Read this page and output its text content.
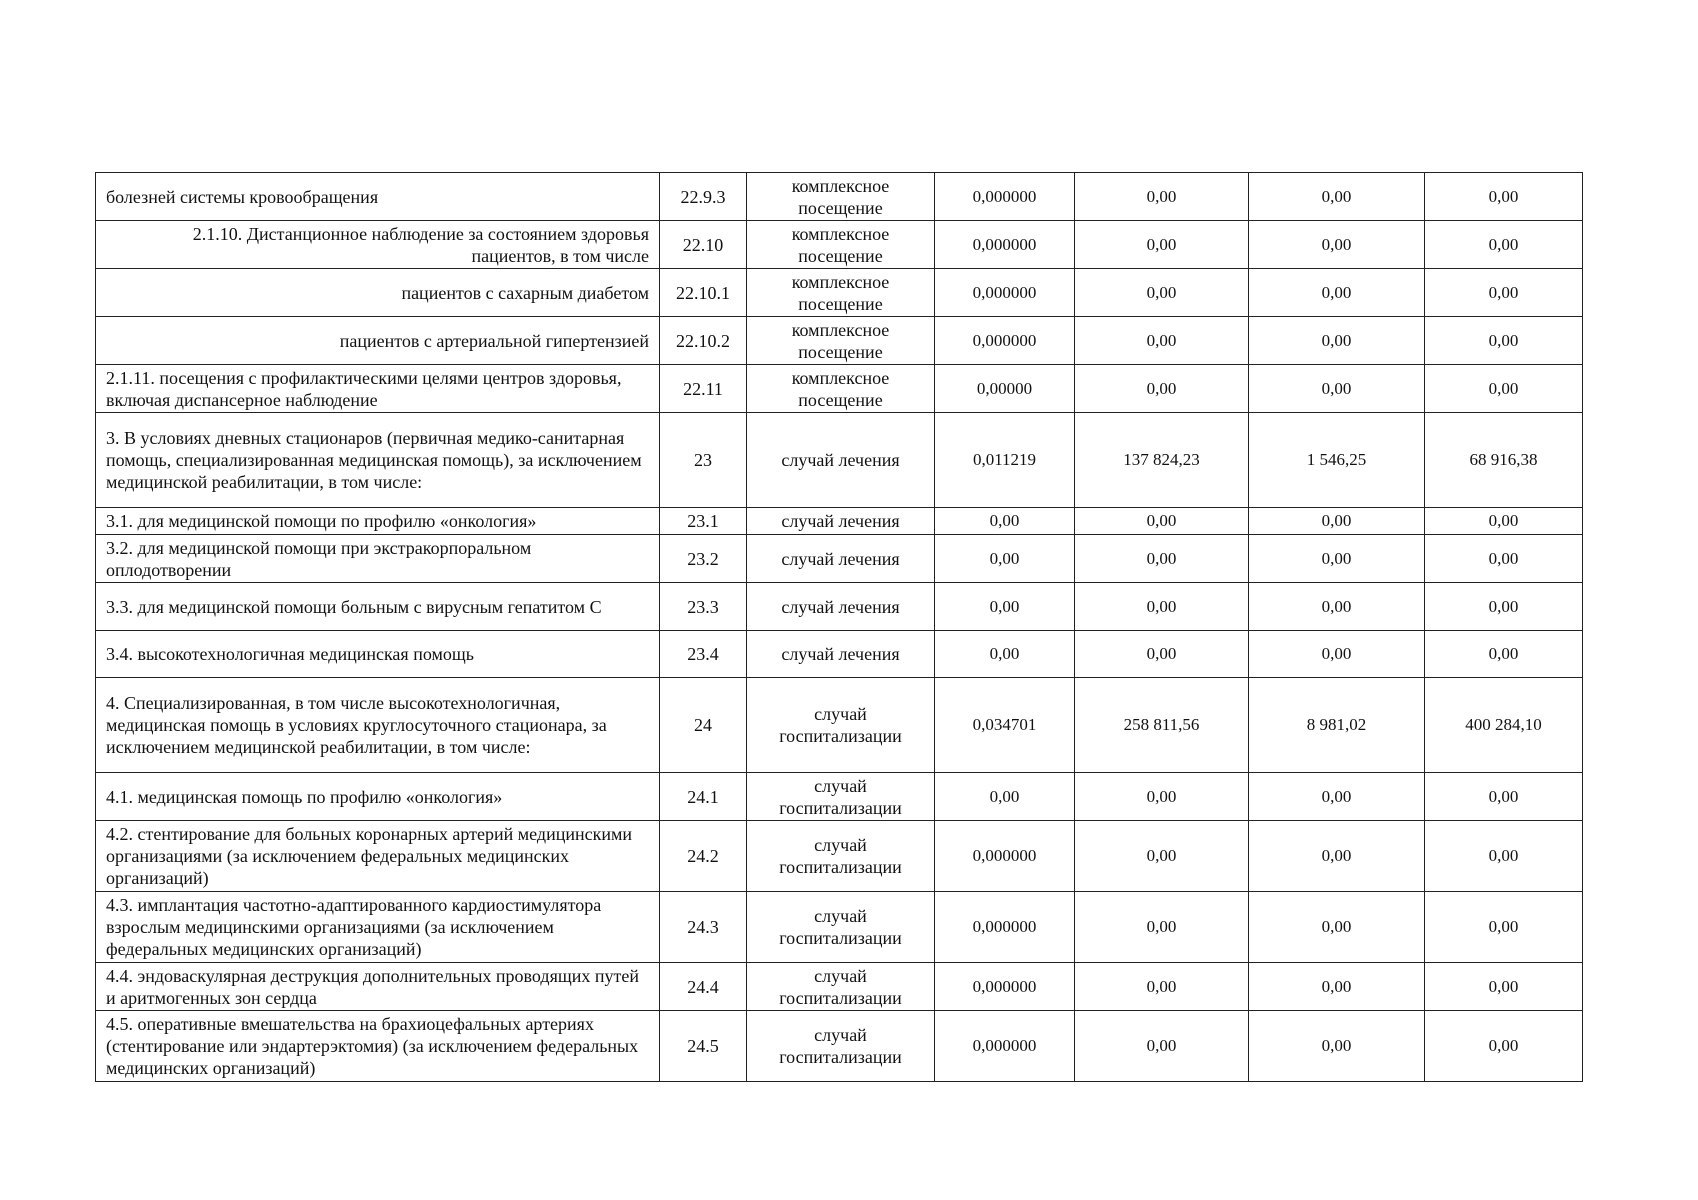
болезней системы кровообращения	22.9.3	комплексное посещение	0,000000	0,00	0,00	0,00
2.1.10. Дистанционное наблюдение за состоянием здоровья пациентов, в том числе	22.10	комплексное посещение	0,000000	0,00	0,00	0,00
пациентов с сахарным диабетом	22.10.1	комплексное посещение	0,000000	0,00	0,00	0,00
пациентов с артериальной гипертензией	22.10.2	комплексное посещение	0,000000	0,00	0,00	0,00
2.1.11. посещения с профилактическими целями центров здоровья, включая диспансерное наблюдение	22.11	комплексное посещение	0,00000	0,00	0,00	0,00
3. В условиях дневных стационаров (первичная медико-санитарная помощь, специализированная медицинская помощь), за исключением медицинской реабилитации, в том числе:	23	случай лечения	0,011219	137 824,23	1 546,25	68 916,38
3.1. для медицинской помощи по профилю «онкология»	23.1	случай лечения	0,00	0,00	0,00	0,00
3.2. для медицинской помощи при экстракорпоральном оплодотворении	23.2	случай лечения	0,00	0,00	0,00	0,00
3.3. для медицинской помощи больным с вирусным гепатитом С	23.3	случай лечения	0,00	0,00	0,00	0,00
3.4. высокотехнологичная медицинская помощь	23.4	случай лечения	0,00	0,00	0,00	0,00
4. Специализированная, в том числе высокотехнологичная, медицинская помощь в условиях круглосуточного стационара, за исключением медицинской реабилитации, в том числе:	24	случай госпитализации	0,034701	258 811,56	8 981,02	400 284,10
4.1. медицинская помощь по профилю «онкология»	24.1	случай госпитализации	0,00	0,00	0,00	0,00
4.2. стентирование для больных коронарных артерий медицинскими организациями (за исключением федеральных медицинских организаций)	24.2	случай госпитализации	0,000000	0,00	0,00	0,00
4.3. имплантация частотно-адаптированного кардиостимулятора взрослым медицинскими организациями (за исключением федеральных медицинских организаций)	24.3	случай госпитализации	0,000000	0,00	0,00	0,00
4.4. эндоваскулярная деструкция дополнительных проводящих путей и аритмогенных зон сердца	24.4	случай госпитализации	0,000000	0,00	0,00	0,00
4.5. оперативные вмешательства на брахиоцефальных артериях (стентирование или эндартерэктомия) (за исключением федеральных медицинских организаций)	24.5	случай госпитализации	0,000000	0,00	0,00	0,00
